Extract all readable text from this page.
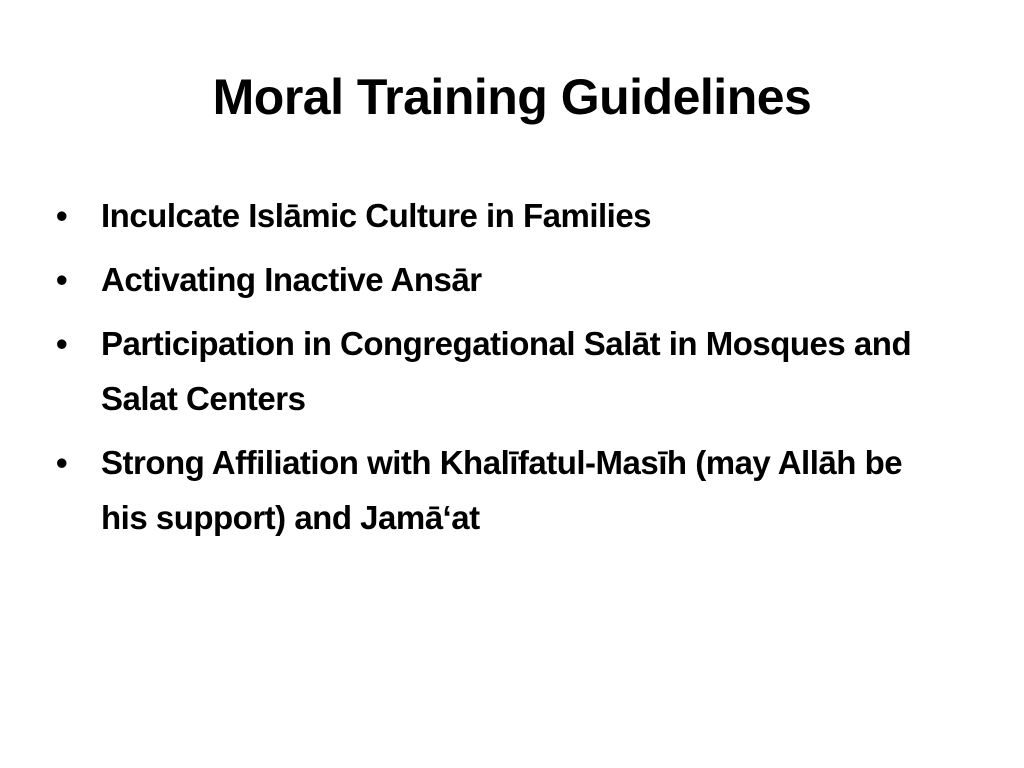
Moral Training Guidelines
• Inculcate Islāmic Culture in Families
• Activating Inactive Ansār
• Participation in Congregational Salāt in Mosques and Salat Centers
• Strong Affiliation with Khalīfatul-Masīh (may Allāh be his support) and Jamā‘at
